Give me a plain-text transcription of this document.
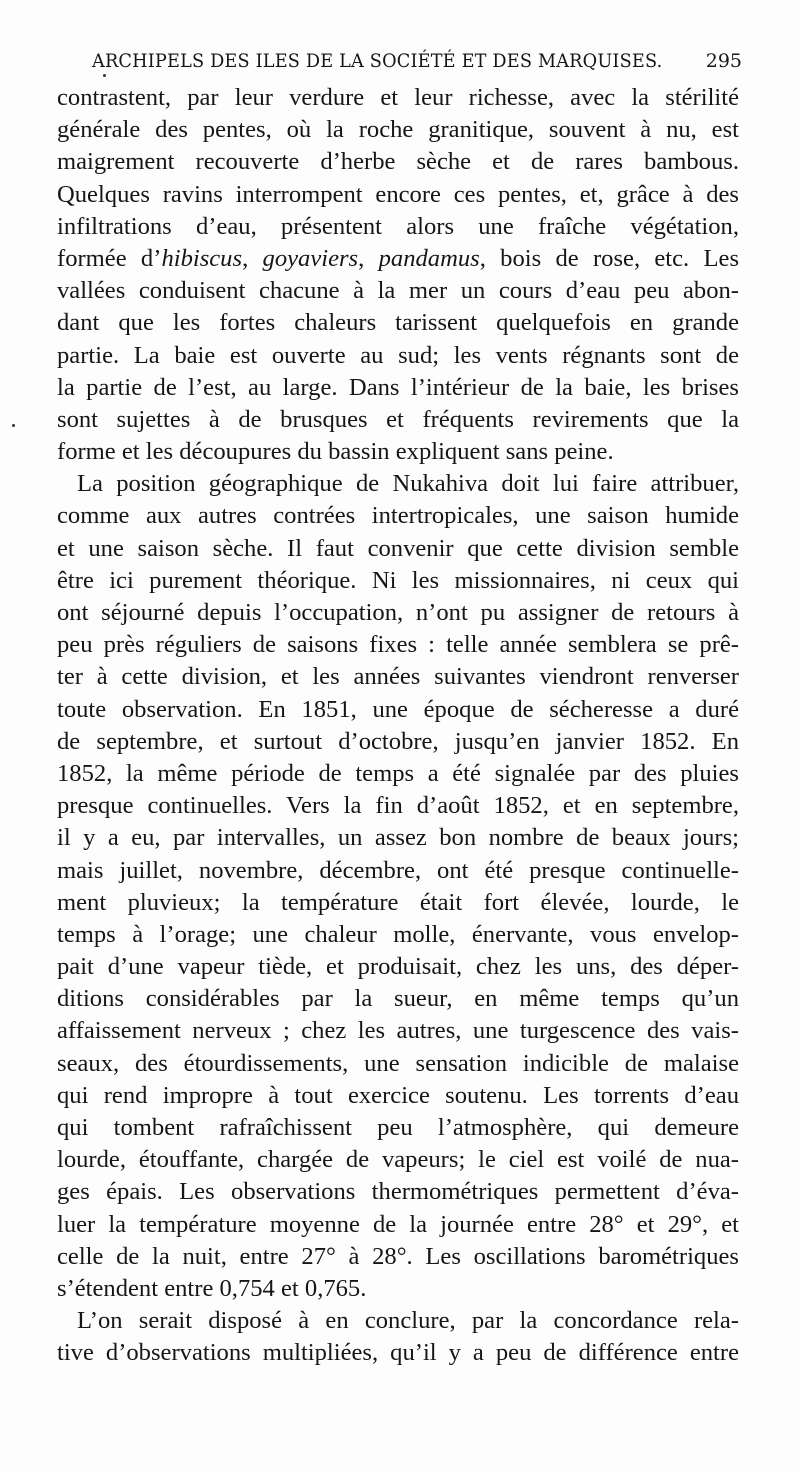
ARCHIPELS DES ILES DE LA SOCIÉTÉ ET DES MARQUISES. 295
contrastent, par leur verdure et leur richesse, avec la stérilité
générale des pentes, où la roche granitique, souvent à nu, est
maigrement recouverte d’herbe sèche et de rares bambous.
Quelques ravins interrompent encore ces pentes, et, grâce à des
infiltrations d’eau, présentent alors une fraîche végétation,
formée d’hibiscus, goyaviers, pandamus, bois de rose, etc. Les
vallées conduisent chacune à la mer un cours d’eau peu abon-
dant que les fortes chaleurs tarissent quelquefois en grande
partie. La baie est ouverte au sud; les vents régnants sont de
la partie de l’est, au large. Dans l’intérieur de la baie, les brises
sont sujettes à de brusques et fréquents revirements que la
forme et les découpures du bassin expliquent sans peine.
La position géographique de Nukahiva doit lui faire attribuer,
comme aux autres contrées intertropicales, une saison humide
et une saison sèche. Il faut convenir que cette division semble
être ici purement théorique. Ni les missionnaires, ni ceux qui
ont séjourné depuis l’occupation, n’ont pu assigner de retours à
peu près réguliers de saisons fixes : telle année semblera se prê-
ter à cette division, et les années suivantes viendront renverser
toute observation. En 1851, une époque de sécheresse a duré
de septembre, et surtout d’octobre, jusqu’en janvier 1852. En
1852, la même période de temps a été signalée par des pluies
presque continuelles. Vers la fin d’août 1852, et en septembre,
il y a eu, par intervalles, un assez bon nombre de beaux jours;
mais juillet, novembre, décembre, ont été presque continuelle-
ment pluvieux; la température était fort élevée, lourde, le
temps à l’orage; une chaleur molle, énervante, vous envelop-
pait d’une vapeur tiède, et produisait, chez les uns, des déper-
ditions considérables par la sueur, en même temps qu’un
affaissement nerveux ; chez les autres, une turgescence des vais-
seaux, des étourdissements, une sensation indicible de malaise
qui rend impropre à tout exercice soutenu. Les torrents d’eau
qui tombent rafraîchissent peu l’atmosphère, qui demeure
lourde, étouffante, chargée de vapeurs; le ciel est voilé de nua-
ges épais. Les observations thermométriques permettent d’éva-
luer la température moyenne de la journée entre 28° et 29°, et
celle de la nuit, entre 27° à 28°. Les oscillations barométriques
s’étendent entre 0,754 et 0,765.
L’on serait disposé à en conclure, par la concordance rela-
tive d’observations multipliées, qu’il y a peu de différence entre
